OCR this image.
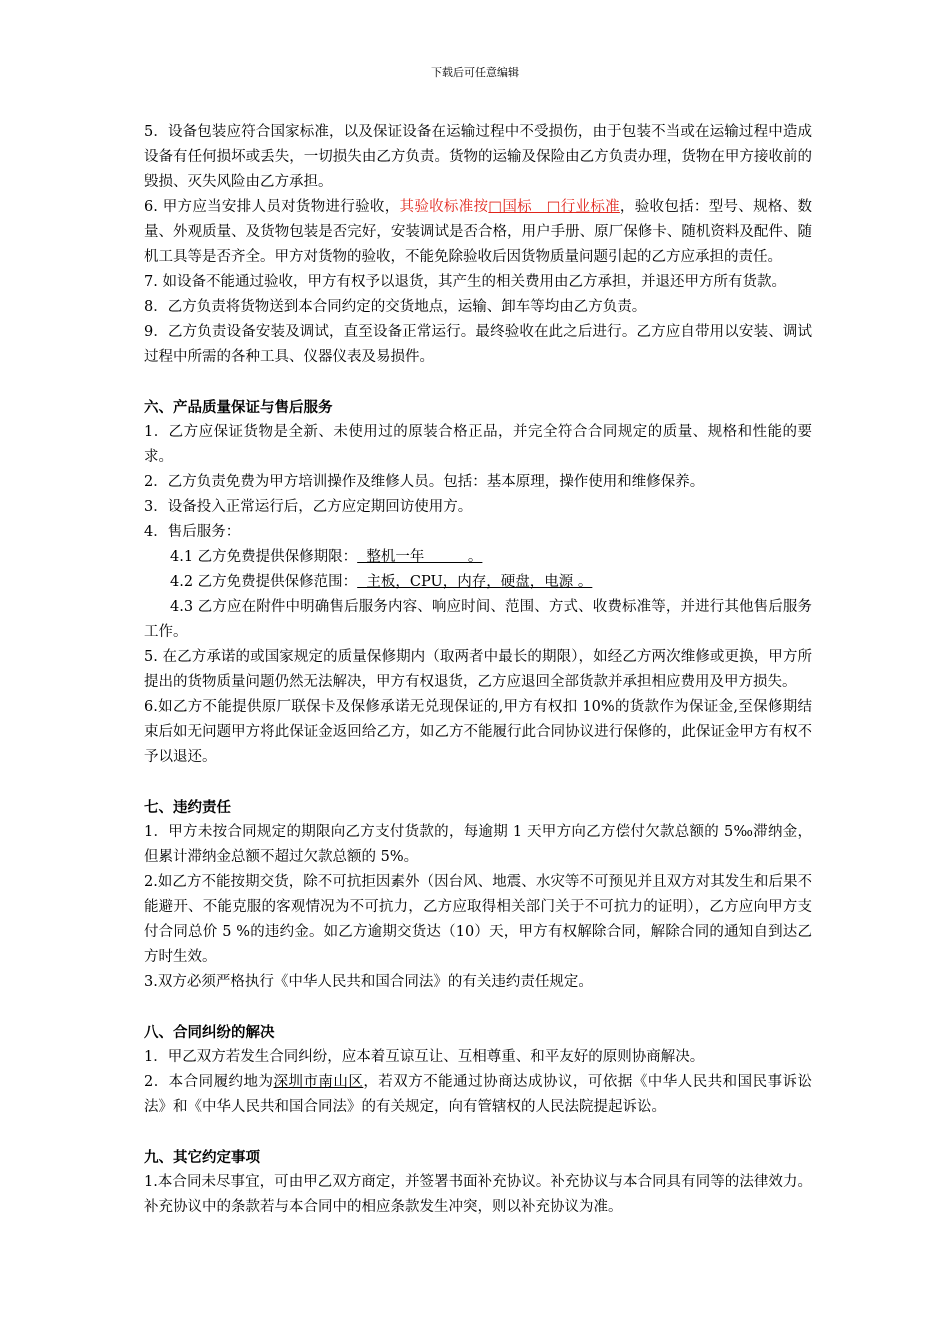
下载后可任意编辑

5．设备包装应符合国家标准，以及保证设备在运输过程中不受损伤，由于包装不当或在运输过程中造成设备有任何损坏或丢失，一切损失由乙方负责。货物的运输及保险由乙方负责办理，货物在甲方接收前的毁损、灭失风险由乙方承担。

6. 甲方应当安排人员对货物进行验收，其验收标准按□国标　□行业标准，验收包括：型号、规格、数量、外观质量、及货物包装是否完好，安装调试是否合格，用户手册、原厂保修卡、随机资料及配件、随机工具等是否齐全。甲方对货物的验收，不能免除验收后因货物质量问题引起的乙方应承担的责任。

7. 如设备不能通过验收，甲方有权予以退货，其产生的相关费用由乙方承担，并退还甲方所有货款。

8．乙方负责将货物送到本合同约定的交货地点，运输、卸车等均由乙方负责。

9．乙方负责设备安装及调试，直至设备正常运行。最终验收在此之后进行。乙方应自带用以安装、调试过程中所需的各种工具、仪器仪表及易损件。

六、产品质量保证与售后服务

1．乙方应保证货物是全新、未使用过的原装合格正品，并完全符合合同规定的质量、规格和性能的要求。

2．乙方负责免费为甲方培训操作及维修人员。包括：基本原理，操作使用和维修保养。

3．设备投入正常运行后，乙方应定期回访使用方。

4．售后服务：

4.1 乙方免费提供保修期限：  整机一年　　　。

4.2 乙方免费提供保修范围：  主板，CPU，内存，硬盘，电源 。

4.3 乙方应在附件中明确售后服务内容、响应时间、范围、方式、收费标准等，并进行其他售后服务工作。

5. 在乙方承诺的或国家规定的质量保修期内（取两者中最长的期限），如经乙方两次维修或更换，甲方所提出的货物质量问题仍然无法解决，甲方有权退货，乙方应退回全部货款并承担相应费用及甲方损失。

6.如乙方不能提供原厂联保卡及保修承诺无兑现保证的,甲方有权扣 10%的货款作为保证金,至保修期结束后如无问题甲方将此保证金返回给乙方，如乙方不能履行此合同协议进行保修的，此保证金甲方有权不予以退还。

七、违约责任

1．甲方未按合同规定的期限向乙方支付货款的，每逾期 1 天甲方向乙方偿付欠款总额的 5‰滞纳金，但累计滞纳金总额不超过欠款总额的 5%。

2.如乙方不能按期交货，除不可抗拒因素外（因台风、地震、水灾等不可预见并且双方对其发生和后果不能避开、不能克服的客观情况为不可抗力，乙方应取得相关部门关于不可抗力的证明），乙方应向甲方支付合同总价 5 %的违约金。如乙方逾期交货达（10）天，甲方有权解除合同，解除合同的通知自到达乙方时生效。

3.双方必须严格执行《中华人民共和国合同法》的有关违约责任规定。

八、合同纠纷的解决

1．甲乙双方若发生合同纠纷，应本着互谅互让、互相尊重、和平友好的原则协商解决。

2．本合同履约地为深圳市南山区，若双方不能通过协商达成协议，可依据《中华人民共和国民事诉讼法》和《中华人民共和国合同法》的有关规定，向有管辖权的人民法院提起诉讼。

九、其它约定事项

1.本合同未尽事宜，可由甲乙双方商定，并签署书面补充协议。补充协议与本合同具有同等的法律效力。补充协议中的条款若与本合同中的相应条款发生冲突，则以补充协议为准。
